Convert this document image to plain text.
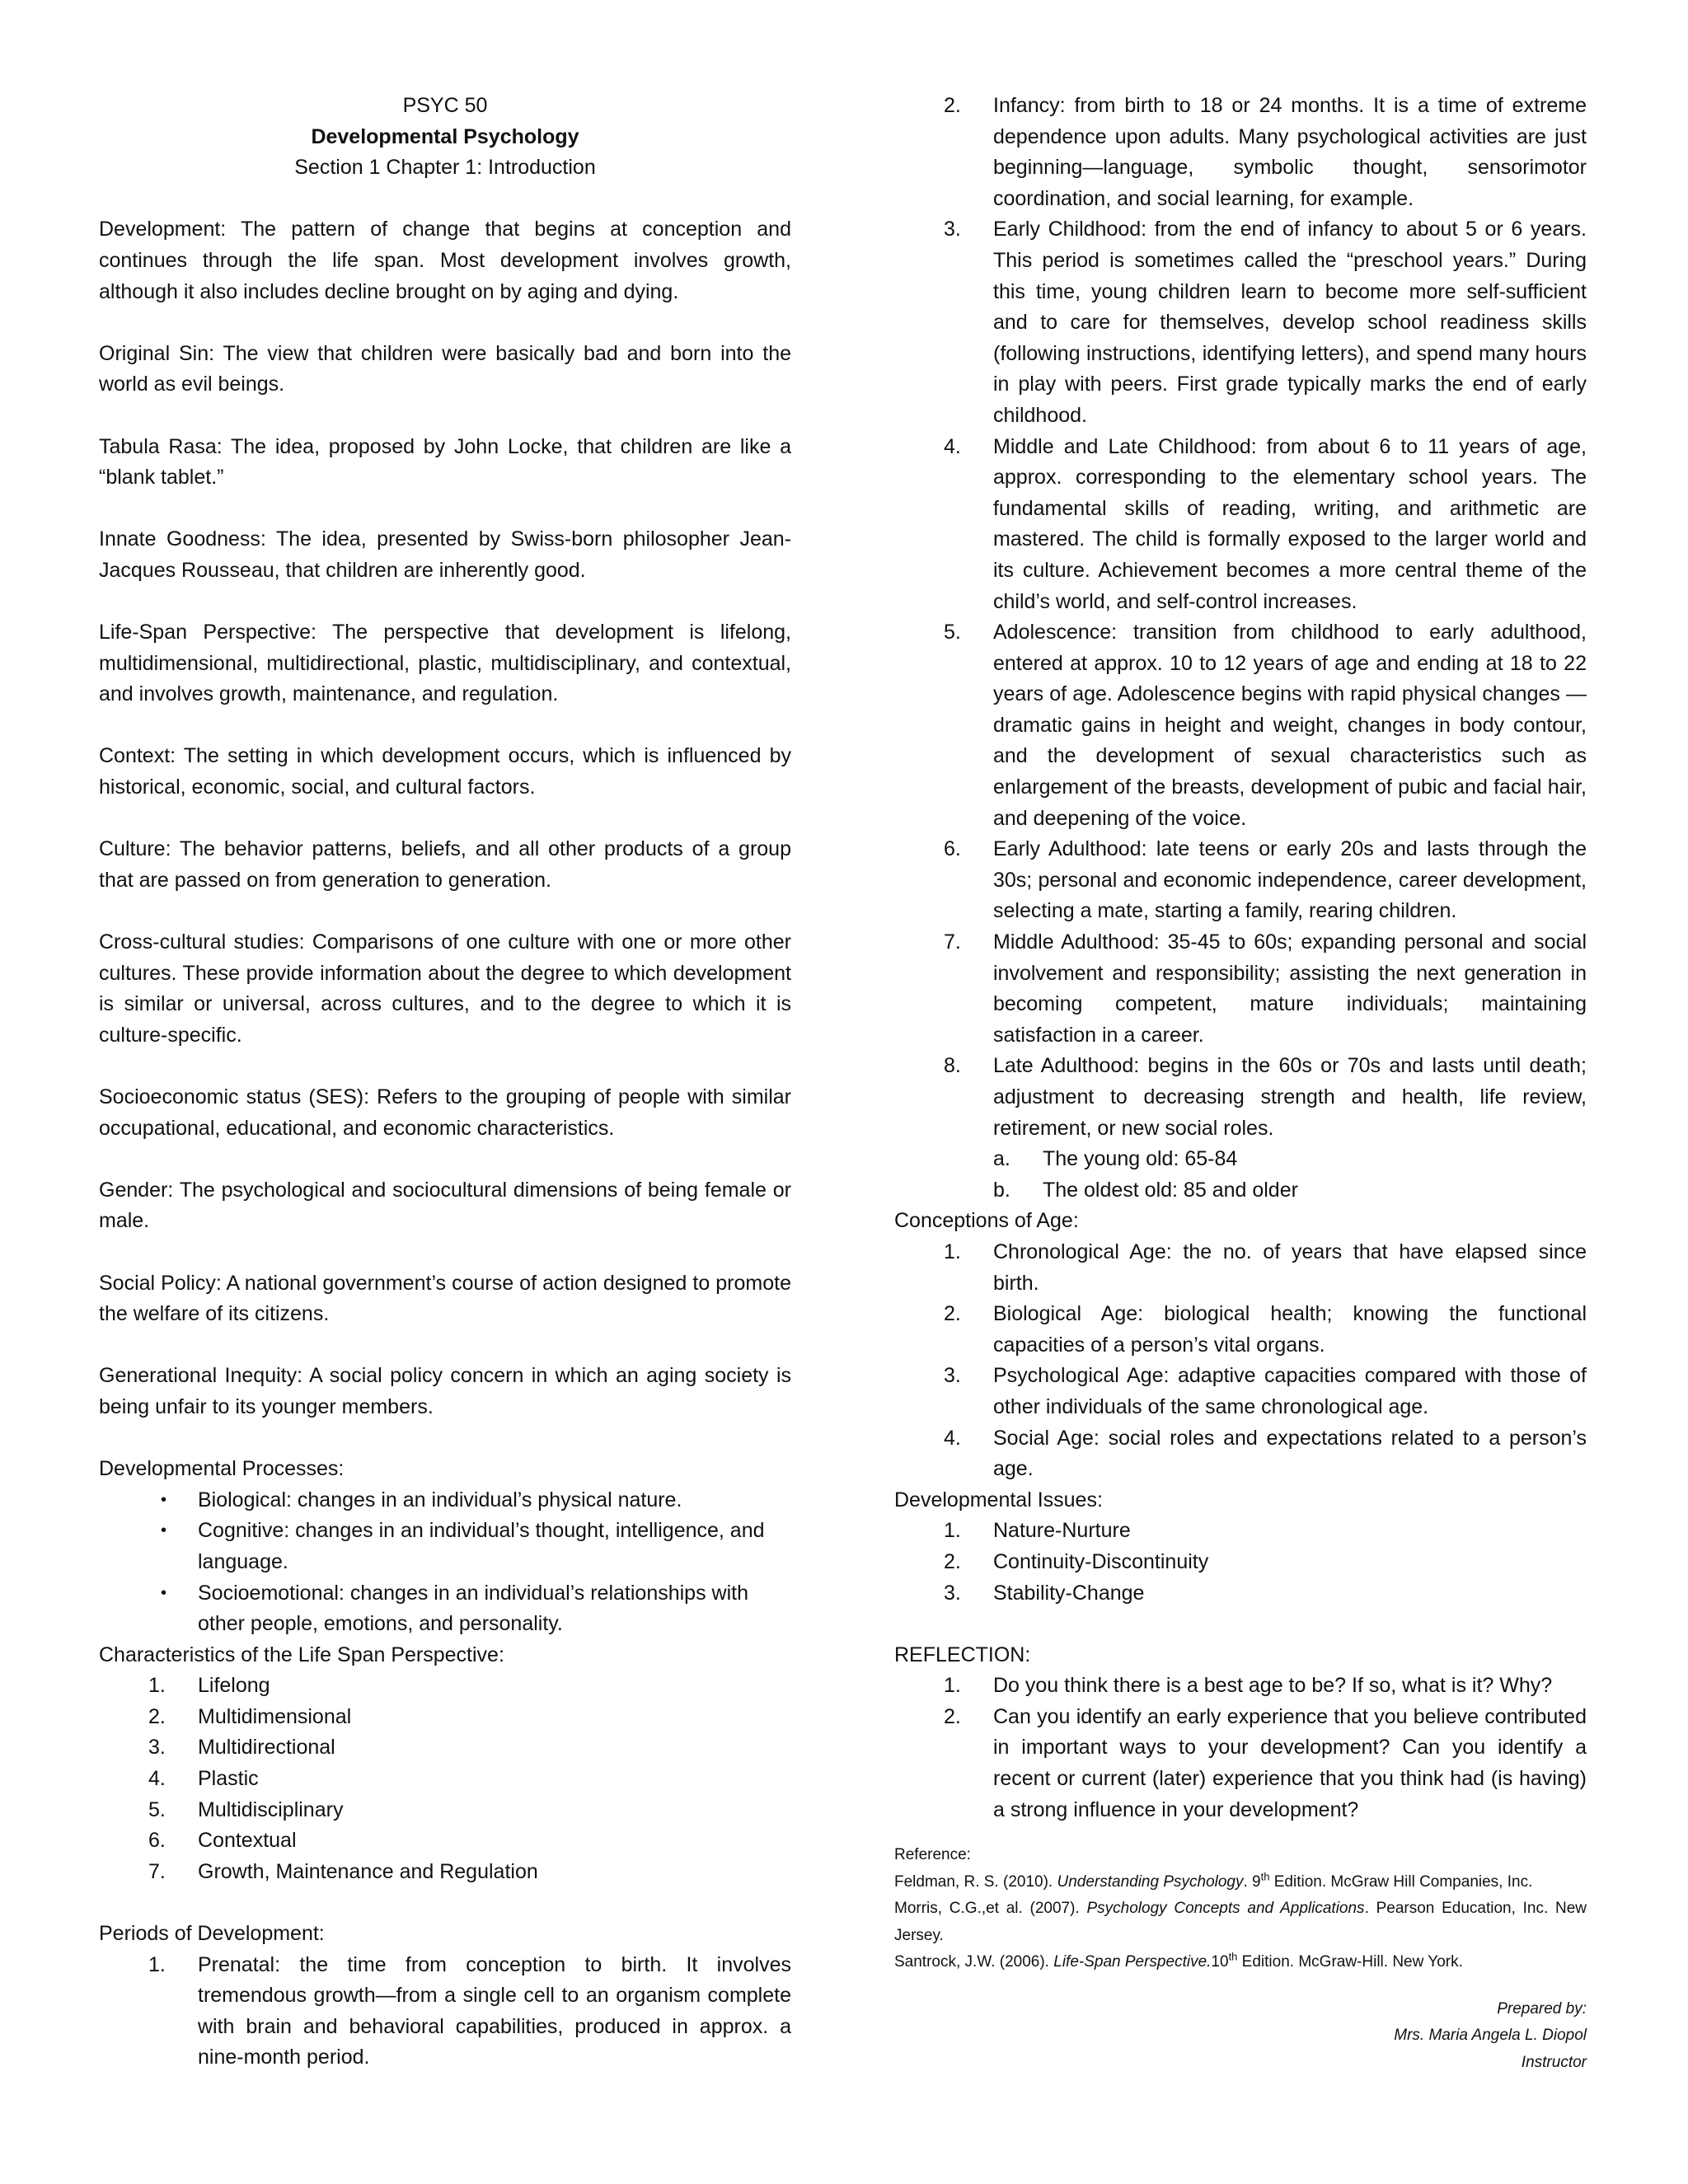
PSYC 50
Developmental Psychology
Section 1 Chapter 1: Introduction
Development: The pattern of change that begins at conception and continues through the life span. Most development involves growth, although it also includes decline brought on by aging and dying.
Original Sin: The view that children were basically bad and born into the world as evil beings.
Tabula Rasa: The idea, proposed by John Locke, that children are like a “blank tablet.”
Innate Goodness: The idea, presented by Swiss-born philosopher Jean-Jacques Rousseau, that children are inherently good.
Life-Span Perspective: The perspective that development is lifelong, multidimensional, multidirectional, plastic, multidisciplinary, and contextual, and involves growth, maintenance, and regulation.
Context: The setting in which development occurs, which is influenced by historical, economic, social, and cultural factors.
Culture: The behavior patterns, beliefs, and all other products of a group that are passed on from generation to generation.
Cross-cultural studies: Comparisons of one culture with one or more other cultures. These provide information about the degree to which development is similar or universal, across cultures, and to the degree to which it is culture-specific.
Socioeconomic status (SES): Refers to the grouping of people with similar occupational, educational, and economic characteristics.
Gender: The psychological and sociocultural dimensions of being female or male.
Social Policy: A national government’s course of action designed to promote the welfare of its citizens.
Generational Inequity: A social policy concern in which an aging society is being unfair to its younger members.
Developmental Processes:
• Biological: changes in an individual’s physical nature.
• Cognitive: changes in an individual’s thought, intelligence, and language.
• Socioemotional: changes in an individual’s relationships with other people, emotions, and personality.
Characteristics of the Life Span Perspective:
1. Lifelong
2. Multidimensional
3. Multidirectional
4. Plastic
5. Multidisciplinary
6. Contextual
7. Growth, Maintenance and Regulation
Periods of Development:
1. Prenatal: the time from conception to birth. It involves tremendous growth—from a single cell to an organism complete with brain and behavioral capabilities, produced in approx. a nine-month period.
2. Infancy: from birth to 18 or 24 months. It is a time of extreme dependence upon adults. Many psychological activities are just beginning—language, symbolic thought, sensorimotor coordination, and social learning, for example.
3. Early Childhood: from the end of infancy to about 5 or 6 years. This period is sometimes called the “preschool years.” During this time, young children learn to become more self-sufficient and to care for themselves, develop school readiness skills (following instructions, identifying letters), and spend many hours in play with peers. First grade typically marks the end of early childhood.
4. Middle and Late Childhood: from about 6 to 11 years of age, approx. corresponding to the elementary school years. The fundamental skills of reading, writing, and arithmetic are mastered. The child is formally exposed to the larger world and its culture. Achievement becomes a more central theme of the child’s world, and self-control increases.
5. Adolescence: transition from childhood to early adulthood, entered at approx. 10 to 12 years of age and ending at 18 to 22 years of age. Adolescence begins with rapid physical changes — dramatic gains in height and weight, changes in body contour, and the development of sexual characteristics such as enlargement of the breasts, development of pubic and facial hair, and deepening of the voice.
6. Early Adulthood: late teens or early 20s and lasts through the 30s; personal and economic independence, career development, selecting a mate, starting a family, rearing children.
7. Middle Adulthood: 35-45 to 60s; expanding personal and social involvement and responsibility; assisting the next generation in becoming competent, mature individuals; maintaining satisfaction in a career.
8. Late Adulthood: begins in the 60s or 70s and lasts until death; adjustment to decreasing strength and health, life review, retirement, or new social roles.
a. The young old: 65-84
b. The oldest old: 85 and older
Conceptions of Age:
1. Chronological Age: the no. of years that have elapsed since birth.
2. Biological Age: biological health; knowing the functional capacities of a person’s vital organs.
3. Psychological Age: adaptive capacities compared with those of other individuals of the same chronological age.
4. Social Age: social roles and expectations related to a person’s age.
Developmental Issues:
1. Nature-Nurture
2. Continuity-Discontinuity
3. Stability-Change
REFLECTION:
1. Do you think there is a best age to be? If so, what is it? Why?
2. Can you identify an early experience that you believe contributed in important ways to your development? Can you identify a recent or current (later) experience that you think had (is having) a strong influence in your development?
Reference:
Feldman, R. S. (2010). Understanding Psychology. 9th Edition. McGraw Hill Companies, Inc.
Morris, C.G.,et al. (2007). Psychology Concepts and Applications. Pearson Education, Inc. New Jersey.
Santrock, J.W. (2006). Life-Span Perspective.10th Edition. McGraw-Hill. New York.
Prepared by:
Mrs. Maria Angela L. Diopol
Instructor
